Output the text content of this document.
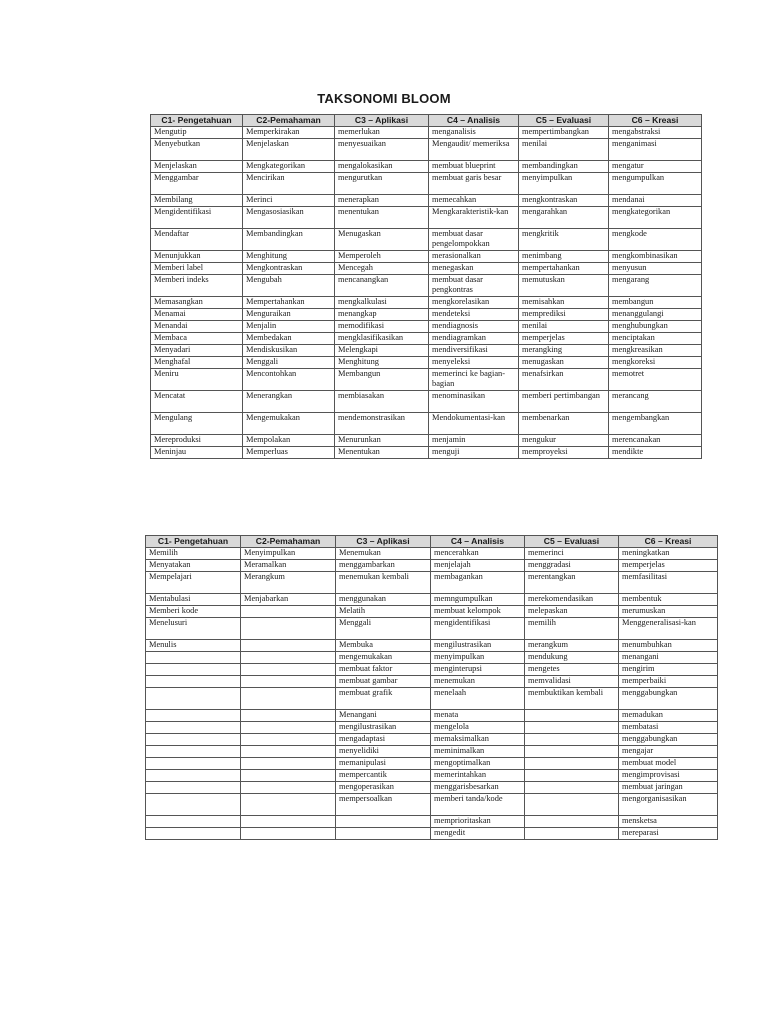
TAKSONOMI BLOOM
C1- Pengetahuan	C2-Pemahaman	C3 – Aplikasi	C4 – Analisis	C5 – Evaluasi	C6 – Kreasi
Mengutip	Memperkirakan	memerlukan	menganalisis	mempertimbangkan	mengabstraksi
Menyebutkan	Menjelaskan	menyesuaikan	Mengaudit/ memeriksa	menilai	menganimasi
Menjelaskan	Mengkategorikan	mengalokasikan	membuat blueprint	membandingkan	mengatur
Menggambar	Mencirikan	mengurutkan	membuat garis besar	menyimpulkan	mengumpulkan
Membilang	Merinci	menerapkan	memecahkan	mengkontraskan	mendanai
Mengidentifikasi	Mengasosiasikan	menentukan	Mengkarakteristik-kan	mengarahkan	mengkategorikan
Mendaftar	Membandingkan	Menugaskan	membuat dasar pengelompokkan	mengkritik	mengkode
Menunjukkan	Menghitung	Memperoleh	merasionalkan	menimbang	mengkombinasikan
Memberi label	Mengkontraskan	Mencegah	menegaskan	mempertahankan	menyusun
Memberi indeks	Mengubah	mencanangkan	membuat dasar pengkontras	memutuskan	mengarang
Memasangkan	Mempertahankan	mengkalkulasi	mengkorelasikan	memisahkan	membangun
Menamai	Menguraikan	menangkap	mendeteksi	memprediksi	menanggulangi
Menandai	Menjalin	memodifikasi	mendiagnosis	menilai	menghubungkan
Membaca	Membedakan	mengklasifikasikan	mendiagramkan	memperjelas	menciptakan
Menyadari	Mendiskusikan	Melengkapi	mendiversifikasi	merangking	mengkreasikan
Menghafal	Menggali	Menghitung	menyeleksi	menugaskan	mengkoreksi
Meniru	Mencontohkan	Membangun	memerinci ke bagian-bagian	menafsirkan	memotret
Mencatat	Menerangkan	membiasakan	menominasikan	memberi pertimbangan	merancang
Mengulang	Mengemukakan	mendemonstrasikan	Mendokumentasi-kan	membenarkan	mengembangkan
Mereproduksi	Mempolakan	Menurunkan	menjamin	mengukur	merencanakan
Meninjau	Memperluas	Menentukan	menguji	memproyeksi	mendikte
C1- Pengetahuan	C2-Pemahaman	C3 – Aplikasi	C4 – Analisis	C5 – Evaluasi	C6 – Kreasi
Memilih	Menyimpulkan	Menemukan	mencerahkan	memerinci	meningkatkan
Menyatakan	Meramalkan	menggambarkan	menjelajah	menggradasi	memperjelas
Mempelajari	Merangkum	menemukan kembali	membagankan	merentangkan	memfasilitasi
Mentabulasi	Menjabarkan	menggunakan	memngumpulkan	merekomendasikan	membentuk
Memberi kode		Melatih	membuat kelompok	melepaskan	merumuskan
Menelusuri		Menggali	mengidentifikasi	memilih	Menggeneralisasi-kan
Menulis		Membuka	mengilustrasikan	merangkum	menumbuhkan
		mengemukakan	menyimpulkan	mendukung	menangani
		membuat faktor	menginterupsi	mengetes	mengirim
		membuat gambar	menemukan	memvalidasi	memperbaiki
		membuat grafik	menelaah	membuktikan kembali	menggabungkan
		Menangani	menata		memadukan
		mengilustrasikan	mengelola		membatasi
		mengadaptasi	memaksimalkan		menggabungkan
		menyelidiki	meminimalkan		mengajar
		memanipulasi	mengoptimalkan		membuat model
		mempercantik	memerintahkan		mengimprovisasi
		mengoperasikan	menggarisbesarkan		membuat jaringan
		mempersoalkan	memberi tanda/kode		mengorganisasikan
			memprioritaskan		mensketsa
			mengedit		mereparasi
